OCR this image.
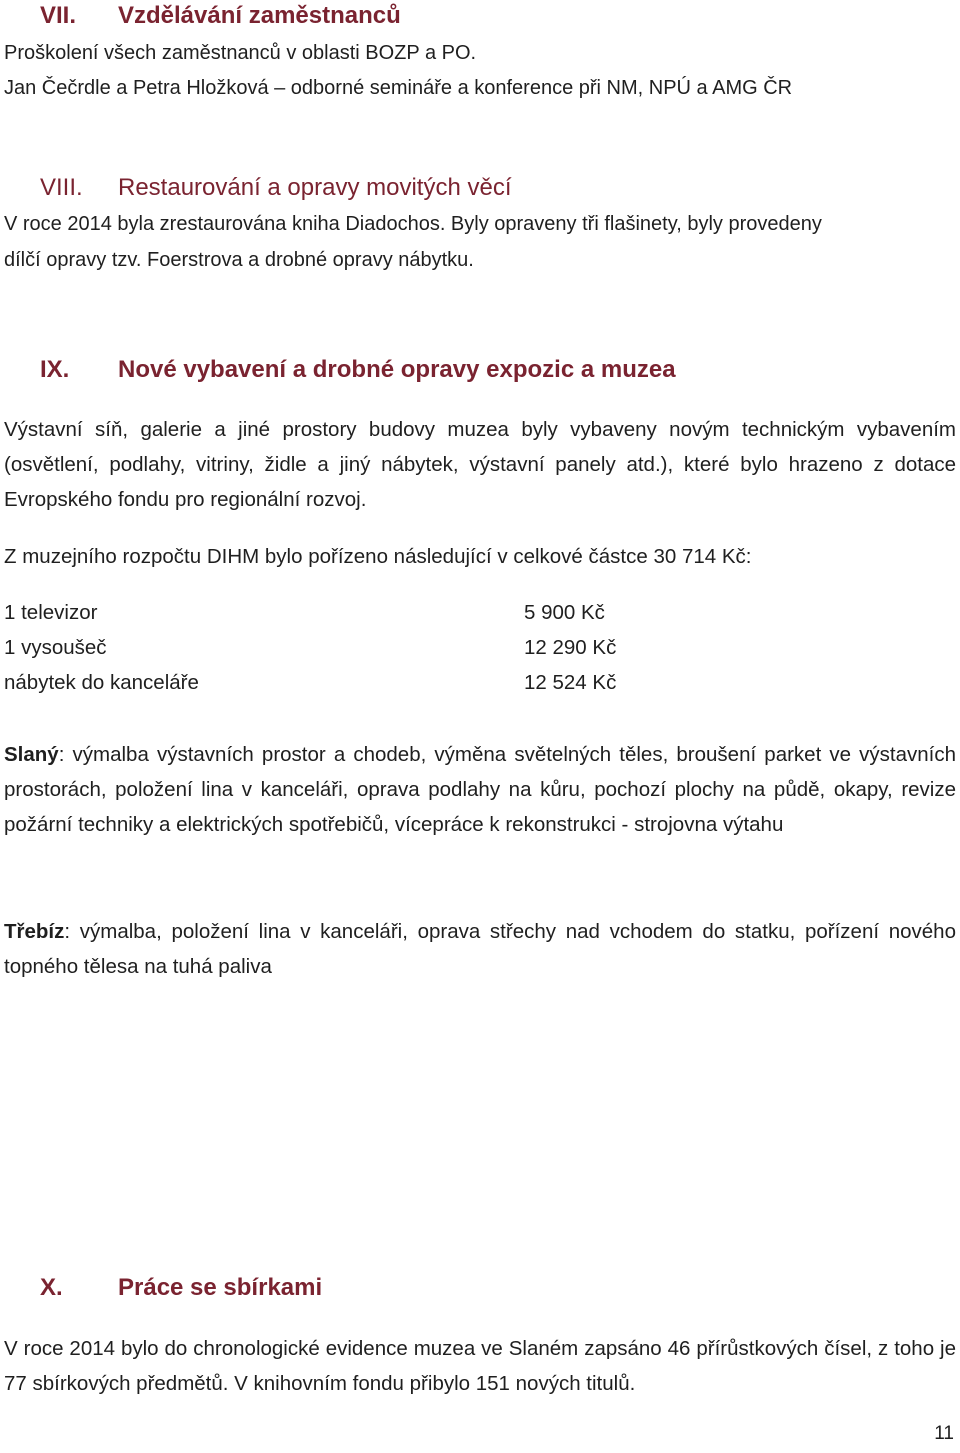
VII. Vzdělávání zaměstnanců
Proškolení všech zaměstnanců v oblasti BOZP a PO.
Jan Čečrdle a Petra Hložková – odborné semináře a konference při NM, NPÚ a AMG ČR
VIII. Restaurování a opravy movitých věcí
V roce 2014 byla zrestaurována kniha Diadochos. Byly opraveny tři flašinety, byly provedeny
dílčí opravy tzv. Foerstrova a drobné opravy nábytku.
IX. Nové vybavení a drobné opravy expozic a muzea
Výstavní síň, galerie a jiné prostory budovy muzea byly vybaveny novým technickým vybavením (osvětlení, podlahy, vitriny, židle a jiný nábytek, výstavní panely atd.), které bylo hrazeno z dotace Evropského fondu pro regionální rozvoj.
Z muzejního rozpočtu DIHM bylo pořízeno následující v celkové částce 30 714 Kč:
1 televizor	5 900 Kč
1 vysoušeč	12 290 Kč
nábytek do kanceláře	12 524 Kč
Slaný: výmalba výstavních prostor a chodeb, výměna světelných těles, broušení parket ve výstavních prostorách, položení lina v kanceláři, oprava podlahy na kůru, pochozí plochy na půdě, okapy, revize požární techniky a elektrických spotřebičů, vícepráce k rekonstrukci - strojovna výtahu
Třebíz: výmalba, položení lina v kanceláři, oprava střechy nad vchodem do statku, pořízení nového topného tělesa na tuhá paliva
X. Práce se sbírkami
V roce 2014 bylo do chronologické evidence muzea ve Slaném zapsáno 46 přírůstkových čísel, z toho je 77 sbírkových předmětů. V knihovním fondu přibylo 151 nových titulů.
11
